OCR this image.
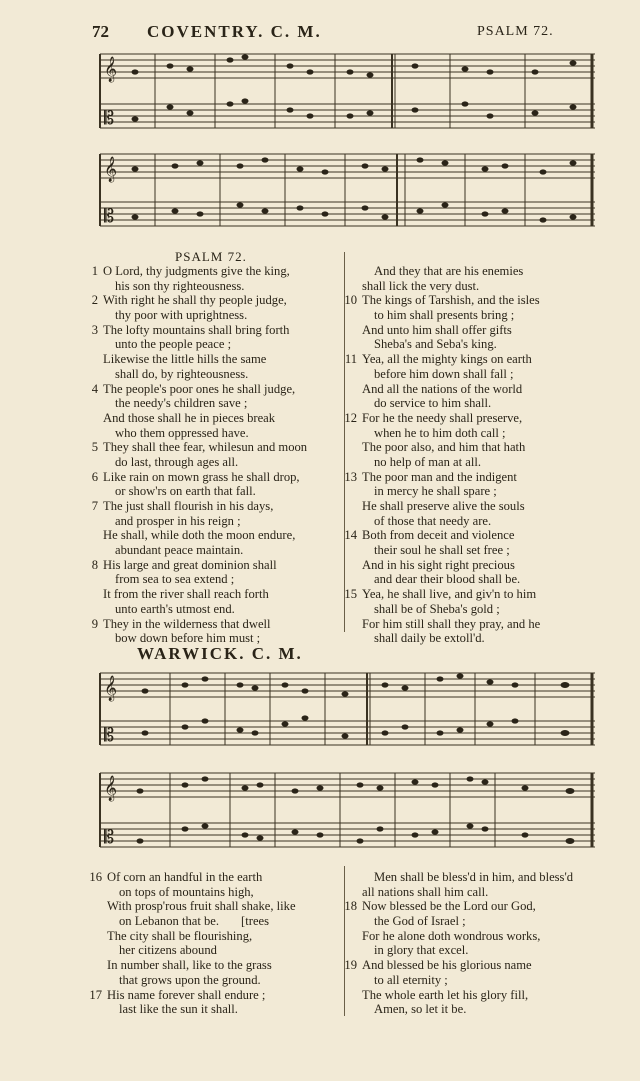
72 COVENTRY. C. M.	PSALM 72.
𝄞
𝄡
𝄞
𝄡
PSALM 72.
1 O Lord, thy judgments give the king,
his son thy righteousness.
2 With right he shall thy people judge,
thy poor with uprightness.
3 The lofty mountains shall bring forth
unto the people peace ;
Likewise the little hills the same
shall do, by righteousness.
4 The people's poor ones he shall judge,
the needy's children save ;
And those shall he in pieces break
who them oppressed have.
5 They shall thee fear, whilesun and moon
do last, through ages all.
6 Like rain on mown grass he shall drop,
or show'rs on earth that fall.
7 The just shall flourish in his days,
and prosper in his reign ;
He shall, while doth the moon endure,
abundant peace maintain.
8 His large and great dominion shall
from sea to sea extend ;
It from the river shall reach forth
unto earth's utmost end.
9 They in the wilderness that dwell
bow down before him must ;
And they that are his enemies
shall lick the very dust.
10 The kings of Tarshish, and the isles
to him shall presents bring ;
And unto him shall offer gifts
Sheba's and Seba's king.
11 Yea, all the mighty kings on earth
before him down shall fall ;
And all the nations of the world
do service to him shall.
12 For he the needy shall preserve,
when he to him doth call ;
The poor also, and him that hath
no help of man at all.
13 The poor man and the indigent
in mercy he shall spare ;
He shall preserve alive the souls
of those that needy are.
14 Both from deceit and violence
their soul he shall set free ;
And in his sight right precious
and dear their blood shall be.
15 Yea, he shall live, and giv'n to him
shall be of Sheba's gold ;
For him still shall they pray, and he
shall daily be extoll'd.
WARWICK. C. M.
𝄞
𝄡
𝄞
𝄡
16 Of corn an handful in the earth
on tops of mountains high,
With prosp'rous fruit shall shake, like
on Lebanon that be.       [trees
The city shall be flourishing,
her citizens abound
In number shall, like to the grass
that grows upon the ground.
17 His name forever shall endure ;
last like the sun it shall.
Men shall be bless'd in him, and bless'd
all nations shall him call.
18 Now blessed be the Lord our God,
the God of Israel ;
For he alone doth wondrous works,
in glory that excel.
19 And blessed be his glorious name
to all eternity ;
The whole earth let his glory fill,
Amen, so let it be.
